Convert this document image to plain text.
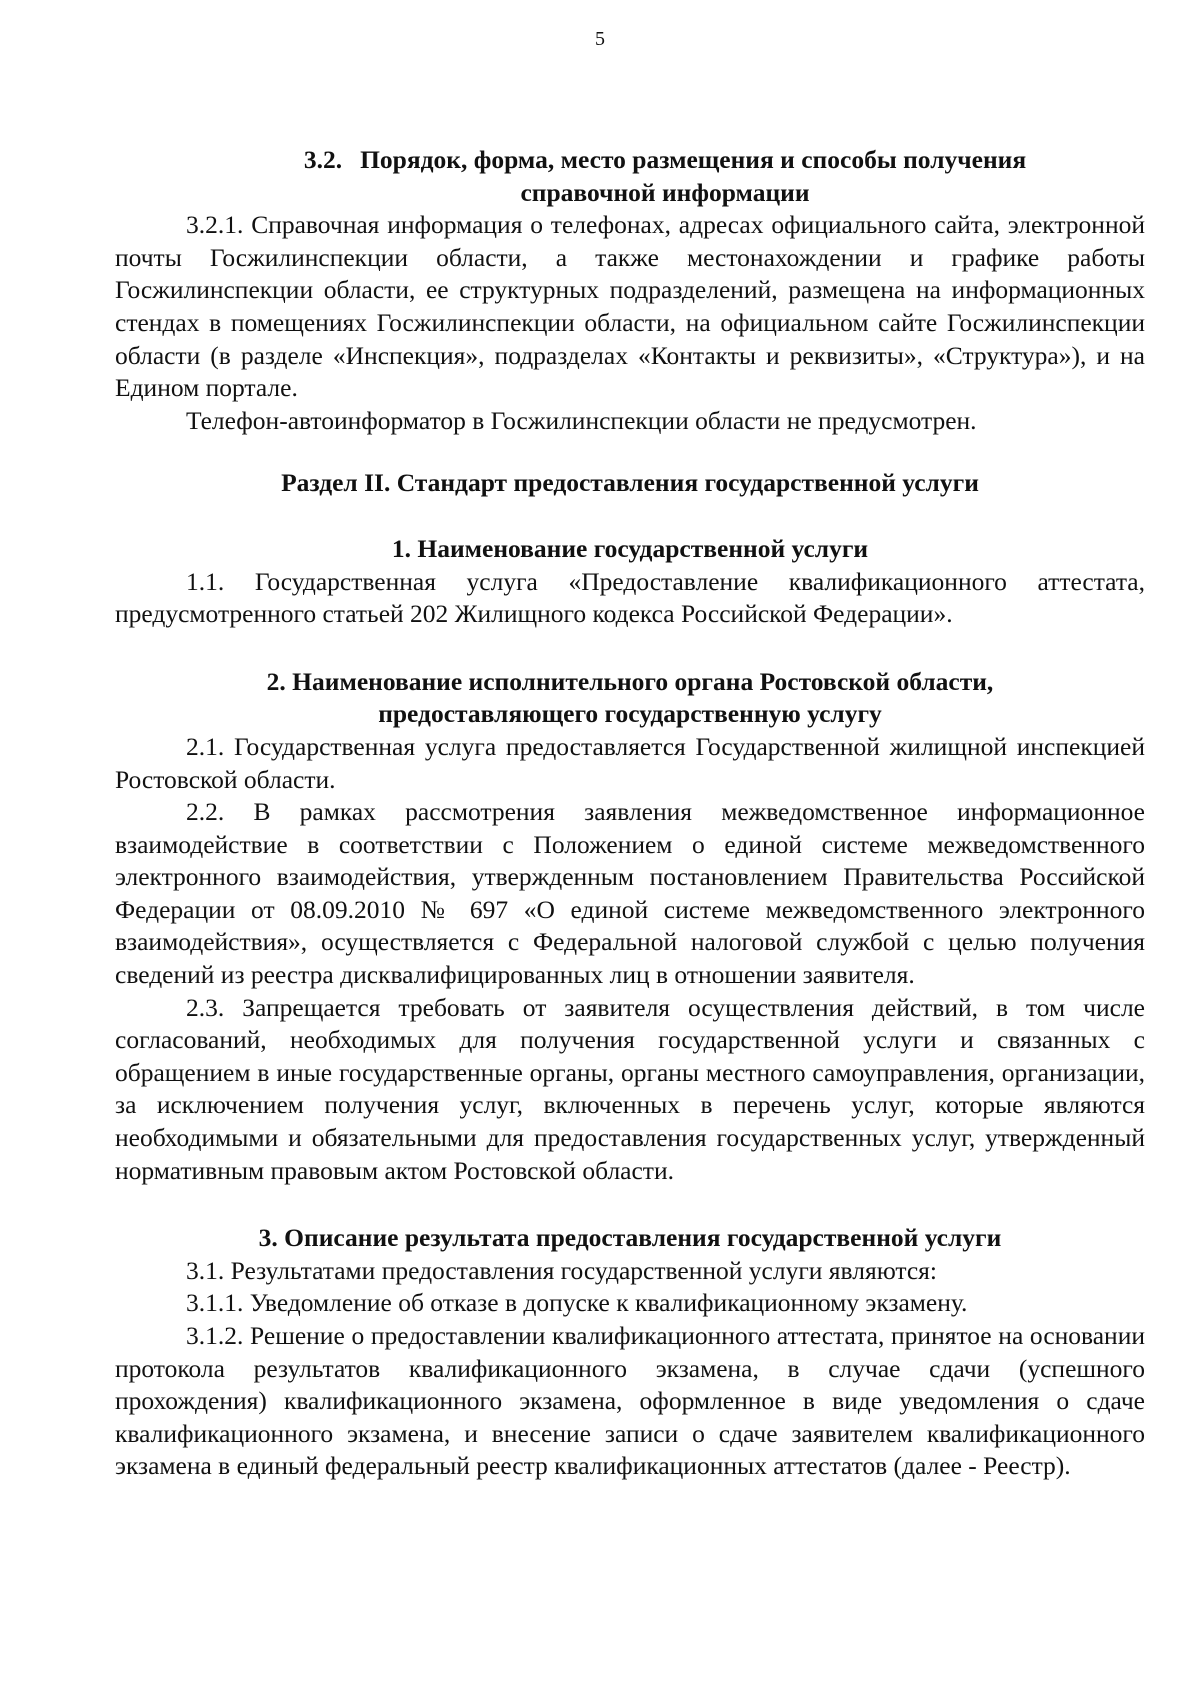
5
3.2. Порядок, форма, место размещения и способы получения
справочной информации

3.2.1. Справочная информация о телефонах, адресах официального сайта, электронной почты Госжилинспекции области, а также местонахождении и графике работы Госжилинспекции области, ее структурных подразделений, размещена на информационных стендах в помещениях Госжилинспекции области, на официальном сайте Госжилинспекции области (в разделе «Инспекция», подразделах «Контакты и реквизиты», «Структура»), и на Едином портале.

Телефон-автоинформатор в Госжилинспекции области не предусмотрен.

Раздел II. Стандарт предоставления государственной услуги
1. Наименование государственной услуги

1.1. Государственная услуга «Предоставление квалификационного аттестата, предусмотренного статьей 202 Жилищного кодекса Российской Федерации».

2. Наименование исполнительного органа Ростовской области,
предоставляющего государственную услугу

2.1. Государственная услуга предоставляется Государственной жилищной инспекцией Ростовской области.

2.2. В рамках рассмотрения заявления межведомственное информационное взаимодействие в соответствии с Положением о единой системе межведомственного электронного взаимодействия, утвержденным постановлением Правительства Российской Федерации от 08.09.2010 № 697 «О единой системе межведомственного электронного взаимодействия», осуществляется с Федеральной налоговой службой с целью получения сведений из реестра дисквалифицированных лиц в отношении заявителя.

2.3. Запрещается требовать от заявителя осуществления действий, в том числе согласований, необходимых для получения государственной услуги и связанных с обращением в иные государственные органы, органы местного самоуправления, организации, за исключением получения услуг, включенных в перечень услуг, которые являются необходимыми и обязательными для предоставления государственных услуг, утвержденный нормативным правовым актом Ростовской области.

3. Описание результата предоставления государственной услуги

3.1. Результатами предоставления государственной услуги являются:

3.1.1. Уведомление об отказе в допуске к квалификационному экзамену.

3.1.2. Решение о предоставлении квалификационного аттестата, принятое на основании протокола результатов квалификационного экзамена, в случае сдачи (успешного прохождения) квалификационного экзамена, оформленное в виде уведомления о сдаче квалификационного экзамена, и внесение записи о сдаче заявителем квалификационного экзамена в единый федеральный реестр квалификационных аттестатов (далее - Реестр).
